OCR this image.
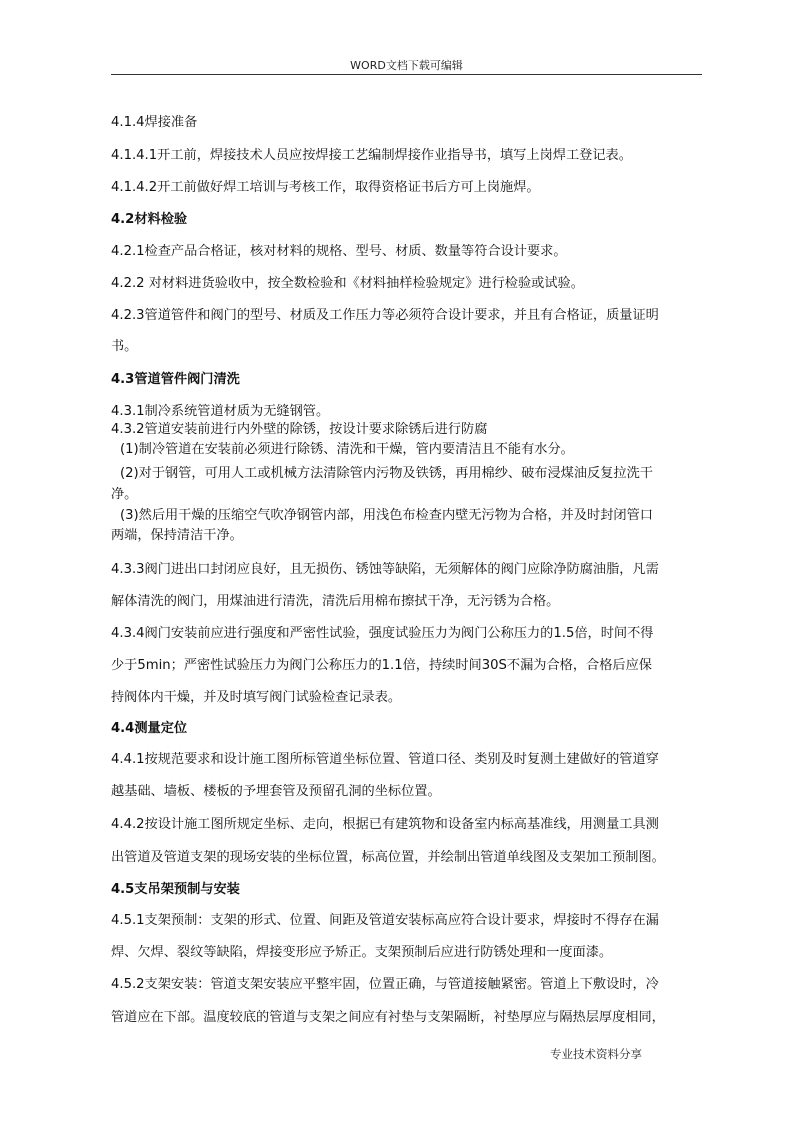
WORD文档下载可编辑
4.1.4焊接准备
4.1.4.1开工前，焊接技术人员应按焊接工艺编制焊接作业指导书，填写上岗焊工登记表。
4.1.4.2开工前做好焊工培训与考核工作，取得资格证书后方可上岗施焊。
4.2材料检验
4.2.1检查产品合格证，核对材料的规格、型号、材质、数量等符合设计要求。
4.2.2 对材料进货验收中，按全数检验和《材料抽样检验规定》进行检验或试验。
4.2.3管道管件和阀门的型号、材质及工作压力等必须符合设计要求，并且有合格证，质量证明
书。
4.3管道管件阀门清洗
4.3.1制冷系统管道材质为无缝钢管。
4.3.2管道安装前进行内外壁的除锈，按设计要求除锈后进行防腐
(1)制冷管道在安装前必须进行除锈、清洗和干燥，管内要清洁且不能有水分。
(2)对于钢管，可用人工或机械方法清除管内污物及铁锈，再用棉纱、破布浸煤油反复拉洗干
净。
(3)然后用干燥的压缩空气吹净钢管内部，用浅色布检查内壁无污物为合格，并及时封闭管口
两端，保持清洁干净。
4.3.3阀门进出口封闭应良好，且无损伤、锈蚀等缺陷，无须解体的阀门应除净防腐油脂，凡需
解体清洗的阀门，用煤油进行清洗，清洗后用棉布擦拭干净，无污锈为合格。
4.3.4阀门安装前应进行强度和严密性试验，强度试验压力为阀门公称压力的1.5倍，时间不得
少于5min；严密性试验压力为阀门公称压力的1.1倍，持续时间30S不漏为合格，合格后应保
持阀体内干燥，并及时填写阀门试验检查记录表。
4.4测量定位
4.4.1按规范要求和设计施工图所标管道坐标位置、管道口径、类别及时复测土建做好的管道穿
越基础、墙板、楼板的予埋套管及预留孔洞的坐标位置。
4.4.2按设计施工图所规定坐标、走向，根据已有建筑物和设备室内标高基准线，用测量工具测
出管道及管道支架的现场安装的坐标位置，标高位置，并绘制出管道单线图及支架加工预制图。
4.5支吊架预制与安装
4.5.1支架预制：支架的形式、位置、间距及管道安装标高应符合设计要求，焊接时不得存在漏
焊、欠焊、裂纹等缺陷，焊接变形应予矫正。支架预制后应进行防锈处理和一度面漆。
4.5.2支架安装：管道支架安装应平整牢固，位置正确，与管道接触紧密。管道上下敷设时，冷
管道应在下部。温度较底的管道与支架之间应有衬垫与支架隔断，衬垫厚应与隔热层厚度相同，
专业技术资料分享
